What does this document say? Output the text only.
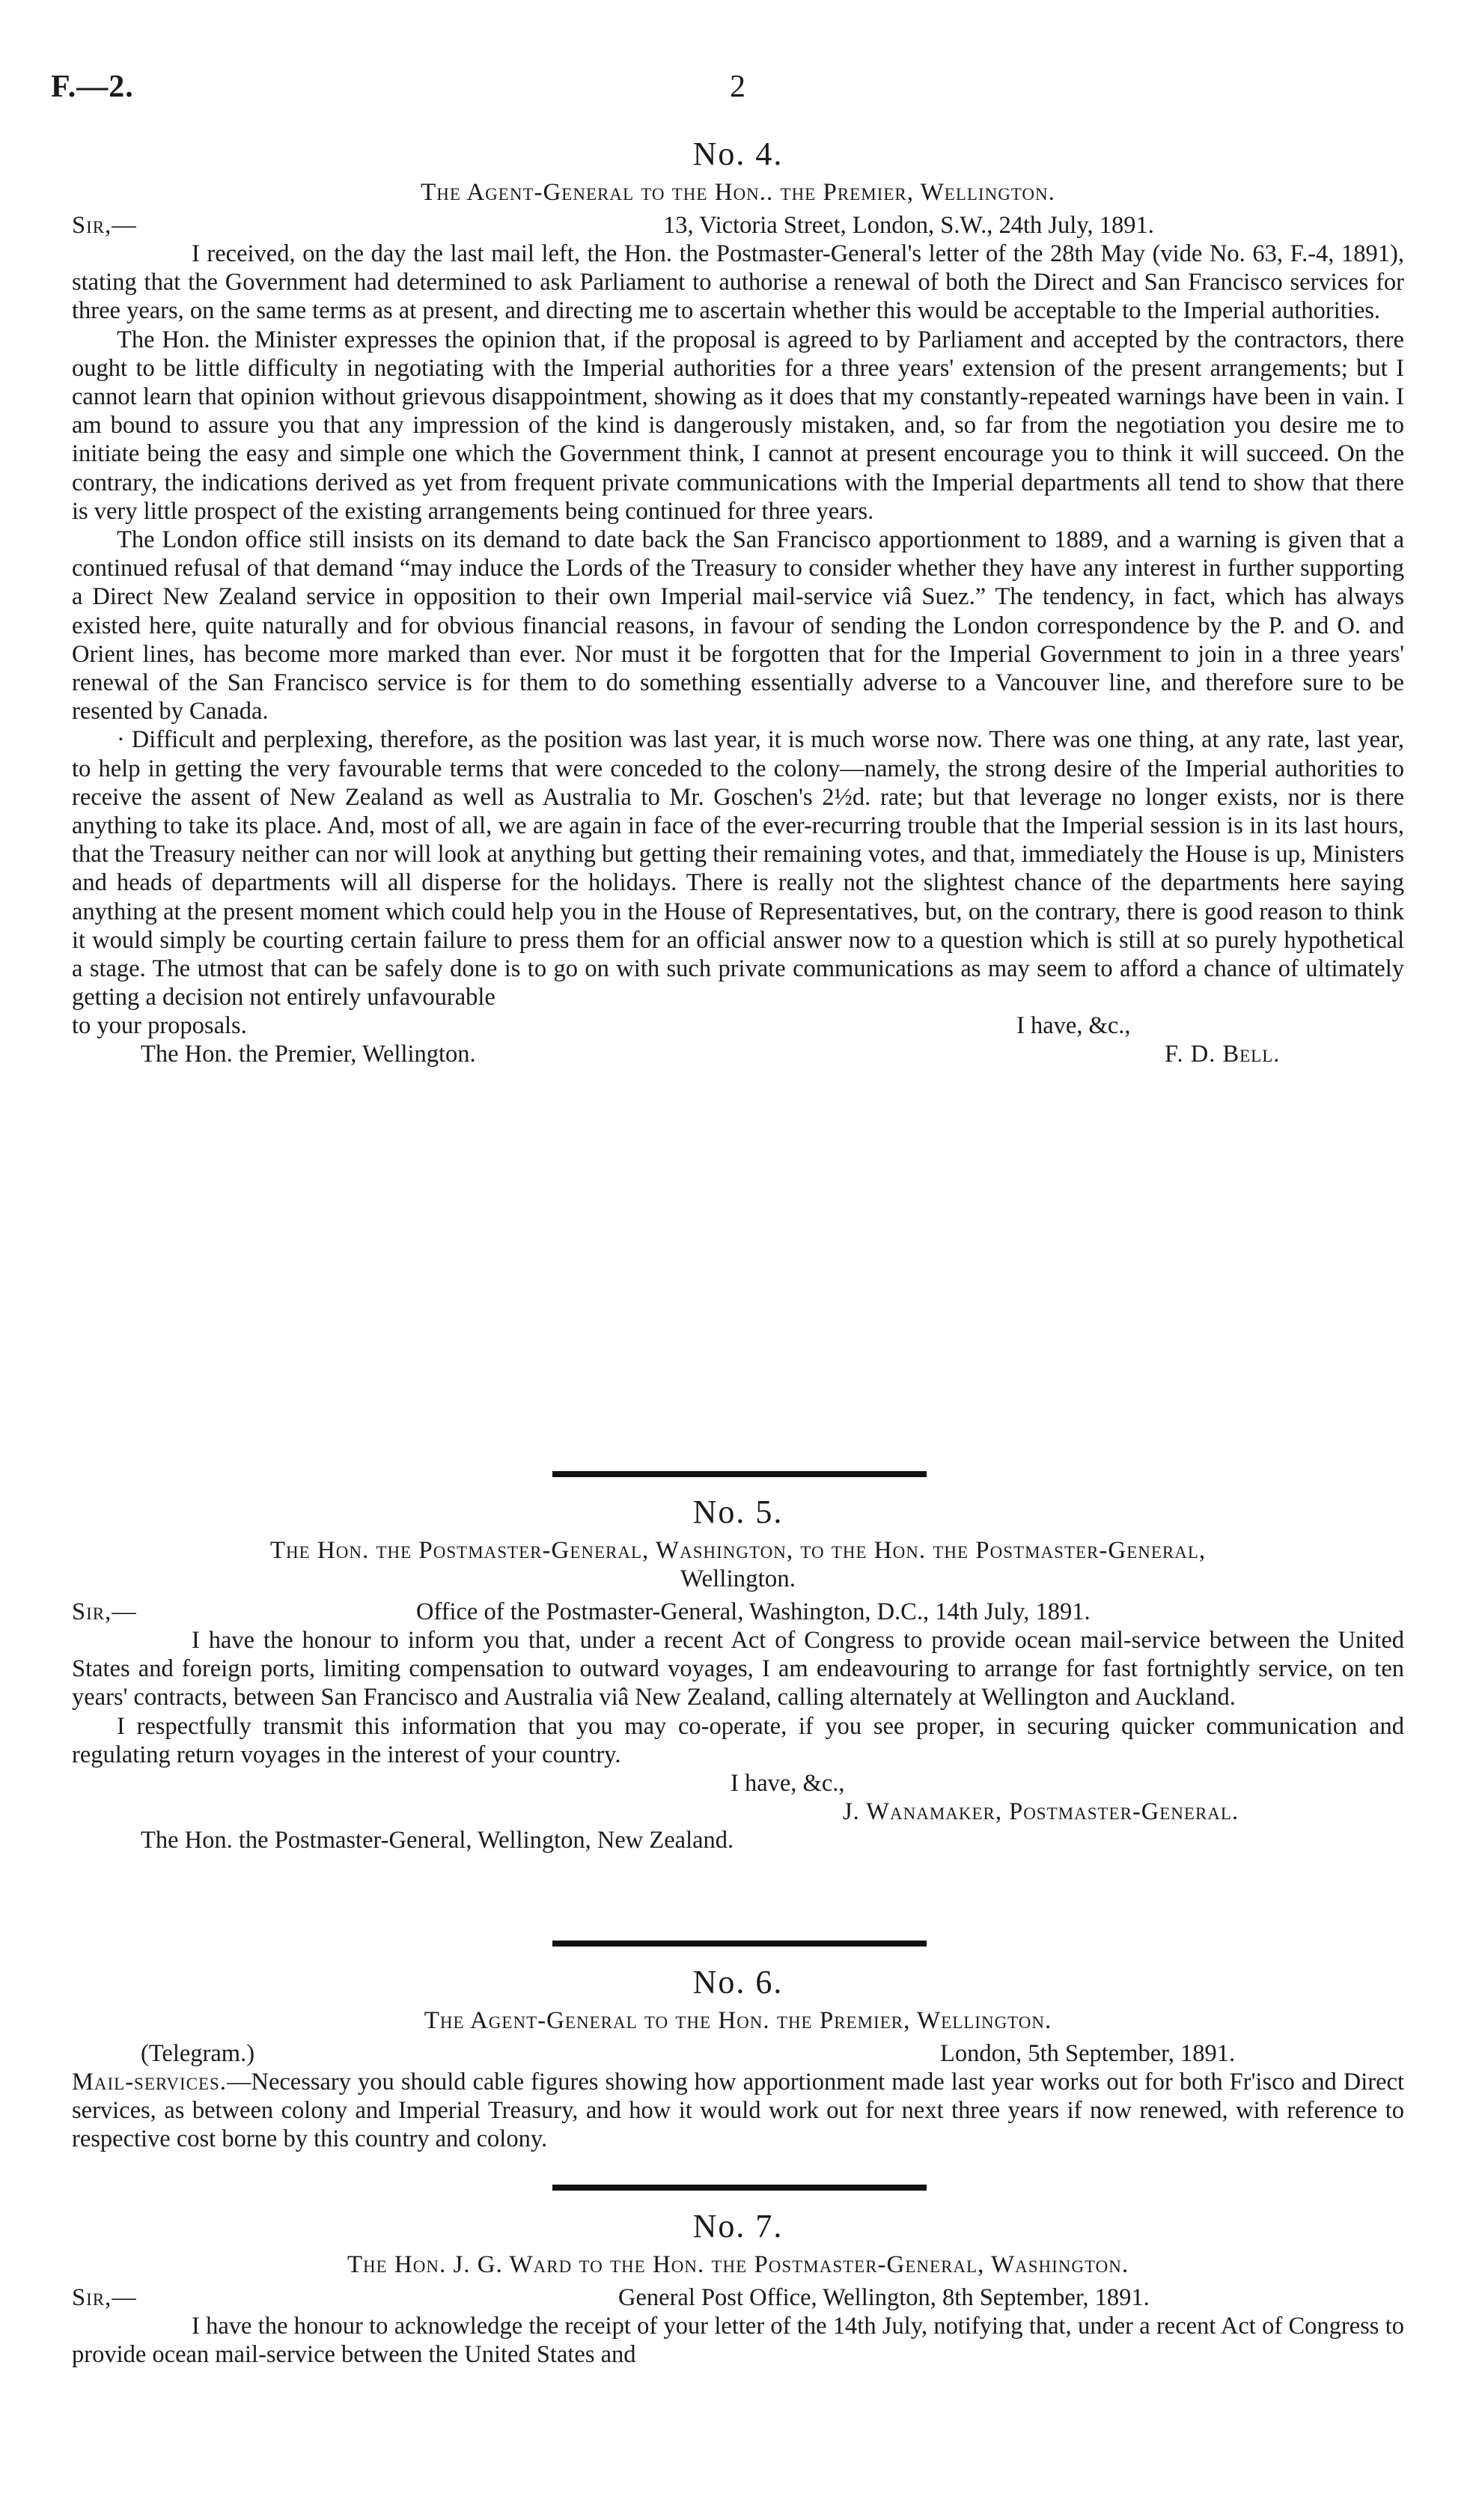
F.—2.	2
No. 4.
The Agent-General to the Hon.. the Premier, Wellington.
Sir,—	13, Victoria Street, London, S.W., 24th July, 1891.

I received, on the day the last mail left, the Hon. the Postmaster-General's letter of the 28th May (vide No. 63, F.-4, 1891), stating that the Government had determined to ask Parliament to authorise a renewal of both the Direct and San Francisco services for three years, on the same terms as at present, and directing me to ascertain whether this would be acceptable to the Imperial authorities.

The Hon. the Minister expresses the opinion that, if the proposal is agreed to by Parliament and accepted by the contractors, there ought to be little difficulty in negotiating with the Imperial authorities for a three years' extension of the present arrangements; but I cannot learn that opinion without grievous disappointment, showing as it does that my constantly-repeated warnings have been in vain. I am bound to assure you that any impression of the kind is dangerously mistaken, and, so far from the negotiation you desire me to initiate being the easy and simple one which the Government think, I cannot at present encourage you to think it will succeed. On the contrary, the indications derived as yet from frequent private communications with the Imperial departments all tend to show that there is very little prospect of the existing arrangements being continued for three years.

The London office still insists on its demand to date back the San Francisco apportionment to 1889, and a warning is given that a continued refusal of that demand “may induce the Lords of the Treasury to consider whether they have any interest in further supporting a Direct New Zealand service in opposition to their own Imperial mail-service viâ Suez.” The tendency, in fact, which has always existed here, quite naturally and for obvious financial reasons, in favour of sending the London correspondence by the P. and O. and Orient lines, has become more marked than ever. Nor must it be forgotten that for the Imperial Government to join in a three years' renewal of the San Francisco service is for them to do something essentially adverse to a Vancouver line, and therefore sure to be resented by Canada.

· Difficult and perplexing, therefore, as the position was last year, it is much worse now. There was one thing, at any rate, last year, to help in getting the very favourable terms that were conceded to the colony—namely, the strong desire of the Imperial authorities to receive the assent of New Zealand as well as Australia to Mr. Goschen's 2½d. rate; but that leverage no longer exists, nor is there anything to take its place. And, most of all, we are again in face of the ever-recurring trouble that the Imperial session is in its last hours, that the Treasury neither can nor will look at anything but getting their remaining votes, and that, immediately the House is up, Ministers and heads of departments will all disperse for the holidays. There is really not the slightest chance of the departments here saying anything at the present moment which could help you in the House of Representatives, but, on the contrary, there is good reason to think it would simply be courting certain failure to press them for an official answer now to a question which is still at so purely hypothetical a stage. The utmost that can be safely done is to go on with such private communications as may seem to afford a chance of ultimately getting a decision not entirely unfavourable

to your proposals.	I have, &c.,
The Hon. the Premier, Wellington.	F. D. Bell.
No. 5.
The Hon. the Postmaster-General, Washington, to the Hon. the Postmaster-General,
Wellington.
Sir,—	Office of the Postmaster-General, Washington, D.C., 14th July, 1891.

I have the honour to inform you that, under a recent Act of Congress to provide ocean mail-service between the United States and foreign ports, limiting compensation to outward voyages, I am endeavouring to arrange for fast fortnightly service, on ten years' contracts, between San Francisco and Australia viâ New Zealand, calling alternately at Wellington and Auckland.

I respectfully transmit this information that you may co-operate, if you see proper, in securing quicker communication and regulating return voyages in the interest of your country.

I have, &c.,
J. Wanamaker, Postmaster-General.
The Hon. the Postmaster-General, Wellington, New Zealand.
No. 6.
The Agent-General to the Hon. the Premier, Wellington.
(Telegram.)	London, 5th September, 1891.

Mail-services.—Necessary you should cable figures showing how apportionment made last year works out for both Fr'isco and Direct services, as between colony and Imperial Treasury, and how it would work out for next three years if now renewed, with reference to respective cost borne by this country and colony.

No. 7.
The Hon. J. G. Ward to the Hon. the Postmaster-General, Washington.
Sir,—	General Post Office, Wellington, 8th September, 1891.

I have the honour to acknowledge the receipt of your letter of the 14th July, notifying that, under a recent Act of Congress to provide ocean mail-service between the United States and
